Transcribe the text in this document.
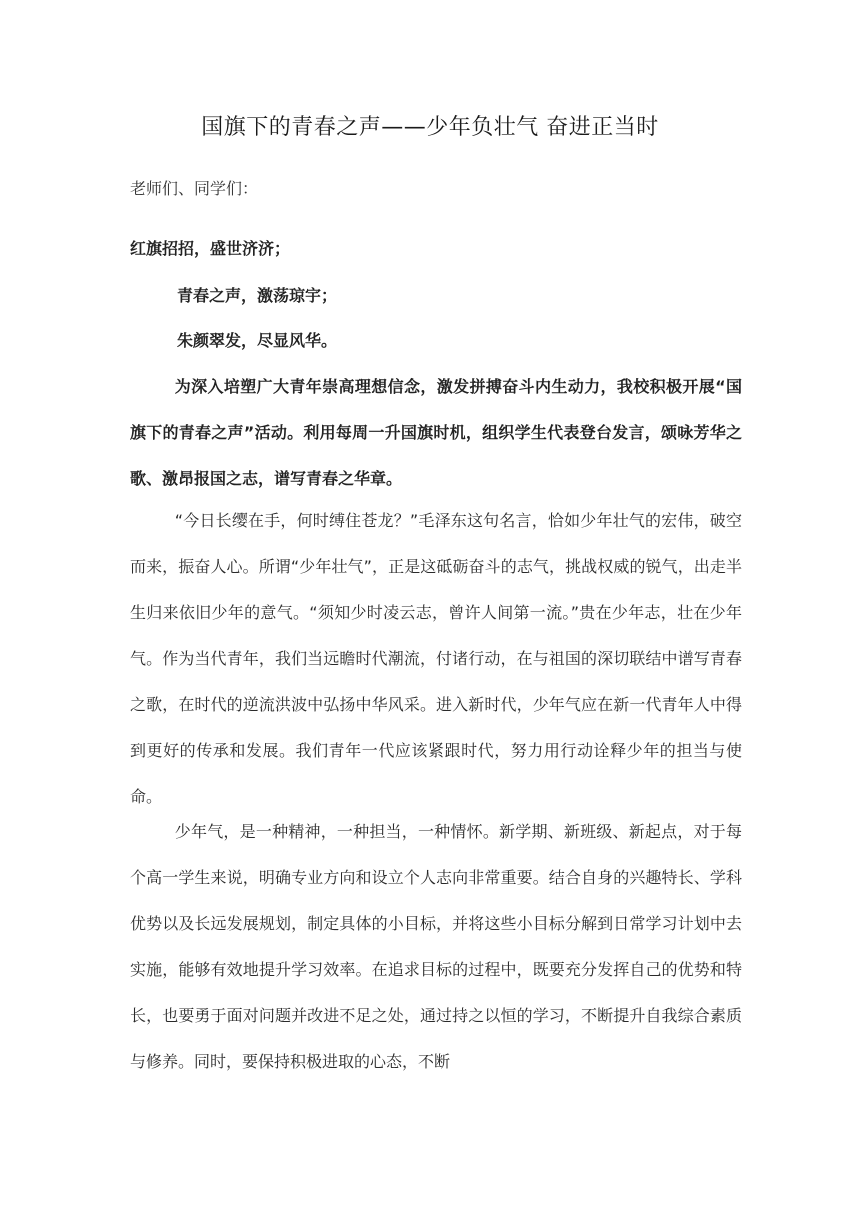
国旗下的青春之声——少年负壮气 奋进正当时
老师们、同学们：
红旗招招，盛世济济；
青春之声，激荡琼宇；
朱颜翠发，尽显风华。
为深入培塑广大青年崇高理想信念，激发拼搏奋斗内生动力，我校积极开展“国旗下的青春之声”活动。利用每周一升国旗时机，组织学生代表登台发言，颂咏芳华之歌、激昂报国之志，谱写青春之华章。
“今日长缨在手，何时缚住苍龙？”毛泽东这句名言，恰如少年壮气的宏伟，破空而来，振奋人心。所谓“少年壮气”，正是这砥砺奋斗的志气，挑战权威的锐气，出走半生归来依旧少年的意气。“须知少时凌云志，曾许人间第一流。”贵在少年志，壮在少年气。作为当代青年，我们当远瞻时代潮流，付诸行动，在与祖国的深切联结中谱写青春之歌，在时代的逆流洪波中弘扬中华风采。进入新时代，少年气应在新一代青年人中得到更好的传承和发展。我们青年一代应该紧跟时代，努力用行动诠释少年的担当与使命。
少年气，是一种精神，一种担当，一种情怀。新学期、新班级、新起点，对于每个高一学生来说，明确专业方向和设立个人志向非常重要。结合自身的兴趣特长、学科优势以及长远发展规划，制定具体的小目标，并将这些小目标分解到日常学习计划中去实施，能够有效地提升学习效率。在追求目标的过程中，既要充分发挥自己的优势和特长，也要勇于面对问题并改进不足之处，通过持之以恒的学习，不断提升自我综合素质与修养。同时，要保持积极进取的心态，不断
